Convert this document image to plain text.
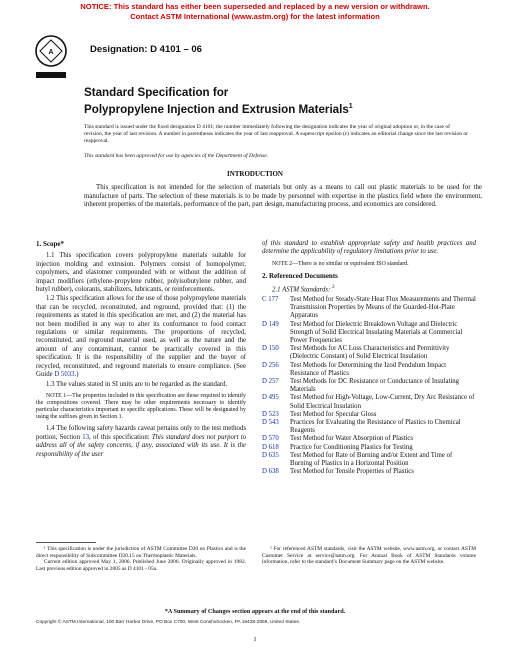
NOTICE: This standard has either been superseded and replaced by a new version or withdrawn.
Contact ASTM International (www.astm.org) for the latest information
A	Designation: D 4101 – 06
Standard Specification for
Polypropylene Injection and Extrusion Materials$^1$
This standard is issued under the fixed designation D 4101; the number immediately following the designation indicates the year of original adoption or, in the case of revision, the year of last revision. A number in parentheses indicates the year of last reapproval. A superscript epsilon (ε) indicates an editorial change since the last revision or reapproval.
This standard has been approved for use by agencies of the Department of Defense.
INTRODUCTION
This specification is not intended for the selection of materials but only as a means to call out plastic materials to be used for the manufacture of parts. The selection of these materials is to be made by personnel with expertise in the plastics field where the environment, inherent properties of the materials, performance of the part, part design, manufacturing process, and economics are considered.

1. Scope*

1.1 This specification covers polypropylene materials suitable for injection molding and extrusion. Polymers consist of homopolymer, copolymers, and elastomer compounded with or without the addition of impact modifiers (ethylene-propylene rubber, polyisobutylene rubber, and butyl rubber), colorants, stabilizers, lubricants, or reinforcements.

1.2 This specification allows for the use of those polypropylene materials that can be recycled, reconstituted, and reground, provided that: (1) the requirements as stated in this specification are met, and (2) the material has not been modified in any way to alter its conformance to food contact regulations or similar requirements. The proportions of recycled, reconstituted, and reground material used, as well as the nature and the amount of any contaminant, cannot be practically covered in this specification. It is the responsibility of the supplier and the buyer of recycled, reconstituted, and reground materials to ensure compliance. (See Guide D 5033.)

1.3 The values stated in SI units are to be regarded as the standard.

NOTE 1—The properties included in this specification are those required to identify the compositions covered. There may be other requirements necessary to identify particular characteristics important to specific applications. These will be designated by using the suffixes given in Section 1.

1.4 The following safety hazards caveat pertains only to the test methods portion, Section 13, of this specification: This standard does not purport to address all of the safety concerns, if any, associated with its use. It is the responsibility of the user

of this standard to establish appropriate safety and health practices and determine the applicability of regulatory limitations prior to use.

NOTE 2—There is no similar or equivalent ISO standard.

2. Referenced Documents

2.1 ASTM Standards: $^2$

C 177	Test Method for Steady-State Heat Flux Measurements and Thermal Transmission Properties by Means of the Guarded-Hot-Plate Apparatus
D 149	Test Method for Dielectric Breakdown Voltage and Dielectric Strength of Solid Electrical Insulating Materials at Commercial Power Frequencies
D 150	Test Methods for AC Loss Characteristics and Permittivity (Dielectric Constant) of Solid Electrical Insulation
D 256	Test Methods for Determining the Izod Pendulum Impact Resistance of Plastics
D 257	Test Methods for DC Resistance or Conductance of Insulating Materials
D 495	Test Method for High-Voltage, Low-Current, Dry Arc Resistance of Solid Electrical Insulation
D 523	Test Method for Specular Gloss
D 543	Practices for Evaluating the Resistance of Plastics to Chemical Reagents
D 570	Test Method for Water Absorption of Plastics
D 618	Practice for Conditioning Plastics for Testing
D 635	Test Method for Rate of Burning and/or Extent and Time of Burning of Plastics in a Horizontal Position
D 638	Test Method for Tensile Properties of Plastics
¹ This specification is under the jurisdiction of ASTM Committee D20 on Plastics and is the direct responsibility of Subcommittee D20.15 on Thermoplastic Materials.
Current edition approved May 1, 2006. Published June 2006. Originally approved in 1982. Last previous edition approved in 2005 as D 4101 - 05a.
² For referenced ASTM standards, visit the ASTM website, www.astm.org, or contact ASTM Customer Service at service@astm.org. For Annual Book of ASTM Standards volume information, refer to the standard’s Document Summary page on the ASTM website.
*A Summary of Changes section appears at the end of this standard.
Copyright © ASTM International, 100 Barr Harbor Drive, PO Box C700, West Conshohocken, PA 19428-2959, United States.
1
